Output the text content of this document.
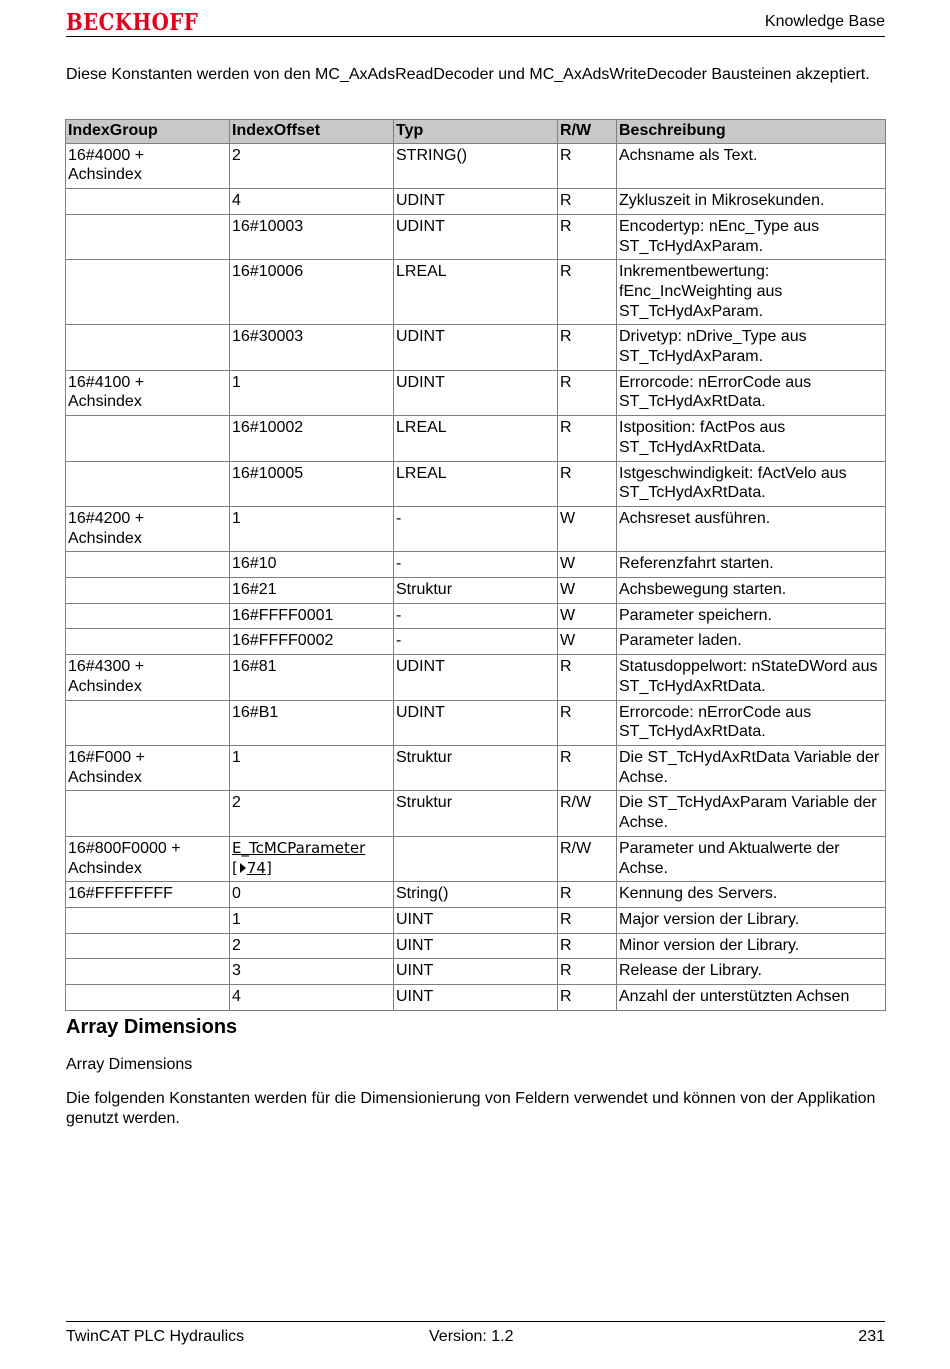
BECKHOFF	Knowledge Base
Diese Konstanten werden von den MC_AxAdsReadDecoder und MC_AxAdsWriteDecoder Bausteinen akzeptiert.
IndexGroup	IndexOffset	Typ	R/W	Beschreibung
16#4000 +
Achsindex	2	STRING()	R	Achsname als Text.
	4	UDINT	R	Zykluszeit in Mikrosekunden.
	16#10003	UDINT	R	Encodertyp: nEnc_Type aus ST_TcHydAxParam.
	16#10006	LREAL	R	Inkrementbewertung: fEnc_IncWeighting aus ST_TcHydAxParam.
	16#30003	UDINT	R	Drivetyp: nDrive_Type aus ST_TcHydAxParam.
16#4100 +
Achsindex	1	UDINT	R	Errorcode: nErrorCode aus ST_TcHydAxRtData.
	16#10002	LREAL	R	Istposition: fActPos aus ST_TcHydAxRtData.
	16#10005	LREAL	R	Istgeschwindigkeit: fActVelo aus ST_TcHydAxRtData.
16#4200 +
Achsindex	1	-	W	Achsreset ausführen.
	16#10	-	W	Referenzfahrt starten.
	16#21	Struktur	W	Achsbewegung starten.
	16#FFFF0001	-	W	Parameter speichern.
	16#FFFF0002	-	W	Parameter laden.
16#4300 +
Achsindex	16#81	UDINT	R	Statusdoppelwort: nStateDWord aus ST_TcHydAxRtData.
	16#B1	UDINT	R	Errorcode: nErrorCode aus ST_TcHydAxRtData.
16#F000 +
Achsindex	1	Struktur	R	Die ST_TcHydAxRtData Variable der Achse.
	2	Struktur	R/W	Die ST_TcHydAxParam Variable der Achse.
16#800F0000 +
Achsindex	E_TcMCParameter
[ 74]		R/W	Parameter und Aktualwerte der Achse.
16#FFFFFFFF	0	String()	R	Kennung des Servers.
	1	UINT	R	Major version der Library.
	2	UINT	R	Minor version der Library.
	3	UINT	R	Release der Library.
	4	UINT	R	Anzahl der unterstützten Achsen
Array Dimensions
Array Dimensions
Die folgenden Konstanten werden für die Dimensionierung von Feldern verwendet und können von der Applikation genutzt werden.
TwinCAT PLC Hydraulics	Version: 1.2	231
